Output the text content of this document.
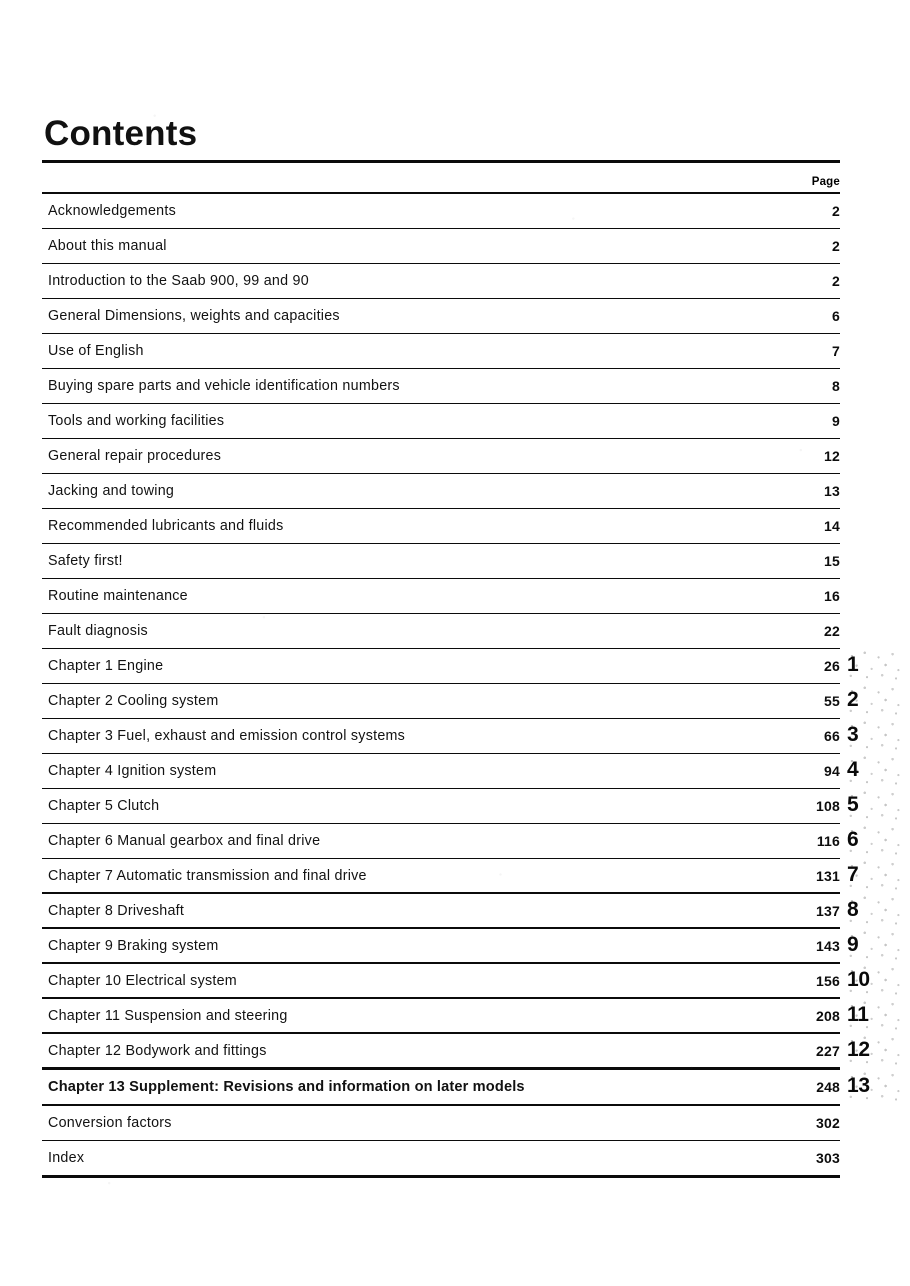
Contents
Page
Acknowledgements	2
About this manual	2
Introduction to the Saab 900, 99 and 90	2
General Dimensions, weights and capacities	6
Use of English	7
Buying spare parts and vehicle identification numbers	8
Tools and working facilities	9
General repair procedures	12
Jacking and towing	13
Recommended lubricants and fluids	14
Safety first!	15
Routine maintenance	16
Fault diagnosis	22
Chapter 1 Engine	26
Chapter 2 Cooling system	55
Chapter 3 Fuel, exhaust and emission control systems	66
Chapter 4 Ignition system	94
Chapter 5 Clutch	108
Chapter 6 Manual gearbox and final drive	116
Chapter 7 Automatic transmission and final drive	131
Chapter 8 Driveshaft	137
Chapter 9 Braking system	143
Chapter 10 Electrical system	156
Chapter 11 Suspension and steering	208
Chapter 12 Bodywork and fittings	227
Chapter 13 Supplement: Revisions and information on later models	248
Conversion factors	302
Index	303
1
2
3
4
5
6
7
8
9
10
11
12
13
